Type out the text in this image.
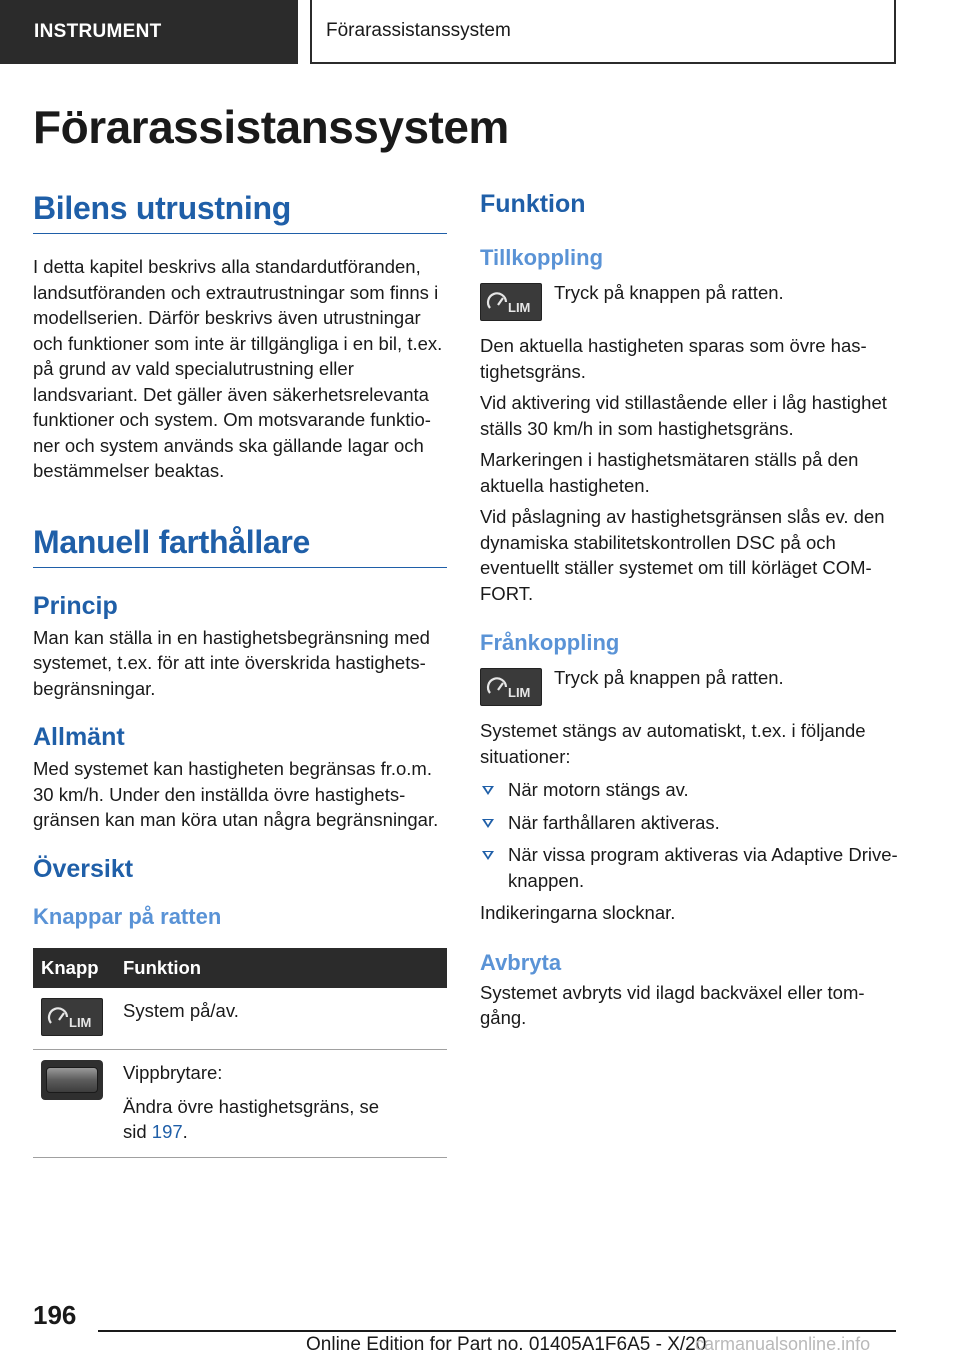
INSTRUMENT	Förarassistanssystem
Förarassistanssystem
Bilens utrustning

I detta kapitel beskrivs alla standardutföranden, landsutföranden och extrautrustningar som finns i modellserien. Därför beskrivs även utrustningar och funktioner som inte är tillgängliga i en bil, t.ex. på grund av vald specialutrustning eller landsvariant. Det gäller även säkerhetsrelevanta funktioner och system. Om motsvarande funktioner och system används ska gällande lagar och bestämmelser beaktas.

Manuell farthållare
Princip

Man kan ställa in en hastighetsbegränsning med systemet, t.ex. för att inte överskrida hastighetsbegränsningar.

Allmänt

Med systemet kan hastigheten begränsas fr.o.m. 30 km/h. Under den inställda övre hastighetsgränsen kan man köra utan några begränsningar.

Översikt
Knappar på ratten
Knapp	Funktion

LIM	System på/av.

	Vippbrytare:
Ändra övre hastighetsgräns, se
sid 197.
Funktion
Tillkoppling
LIM

Tryck på knappen på ratten.

Den aktuella hastigheten sparas som övre hastighetsgräns.

Vid aktivering vid stillastående eller i låg hastighet ställs 30 km/h in som hastighetsgräns.

Markeringen i hastighetsmätaren ställs på den aktuella hastigheten.

Vid påslagning av hastighetsgränsen slås ev. den dynamiska stabilitetskontrollen DSC på och eventuellt ställer systemet om till körläget COMFORT.

Frånkoppling
LIM

Tryck på knappen på ratten.

Systemet stängs av automatiskt, t.ex. i följande situationer:

När motorn stängs av.
När farthållaren aktiveras.
När vissa program aktiveras via Adaptive Drive-knappen.

Indikeringarna slocknar.

Avbryta

Systemet avbryts vid ilagd backväxel eller tomgång.

196
Online Edition for Part no. 01405A1F6A5 - X/20
carmanualsonline.info
